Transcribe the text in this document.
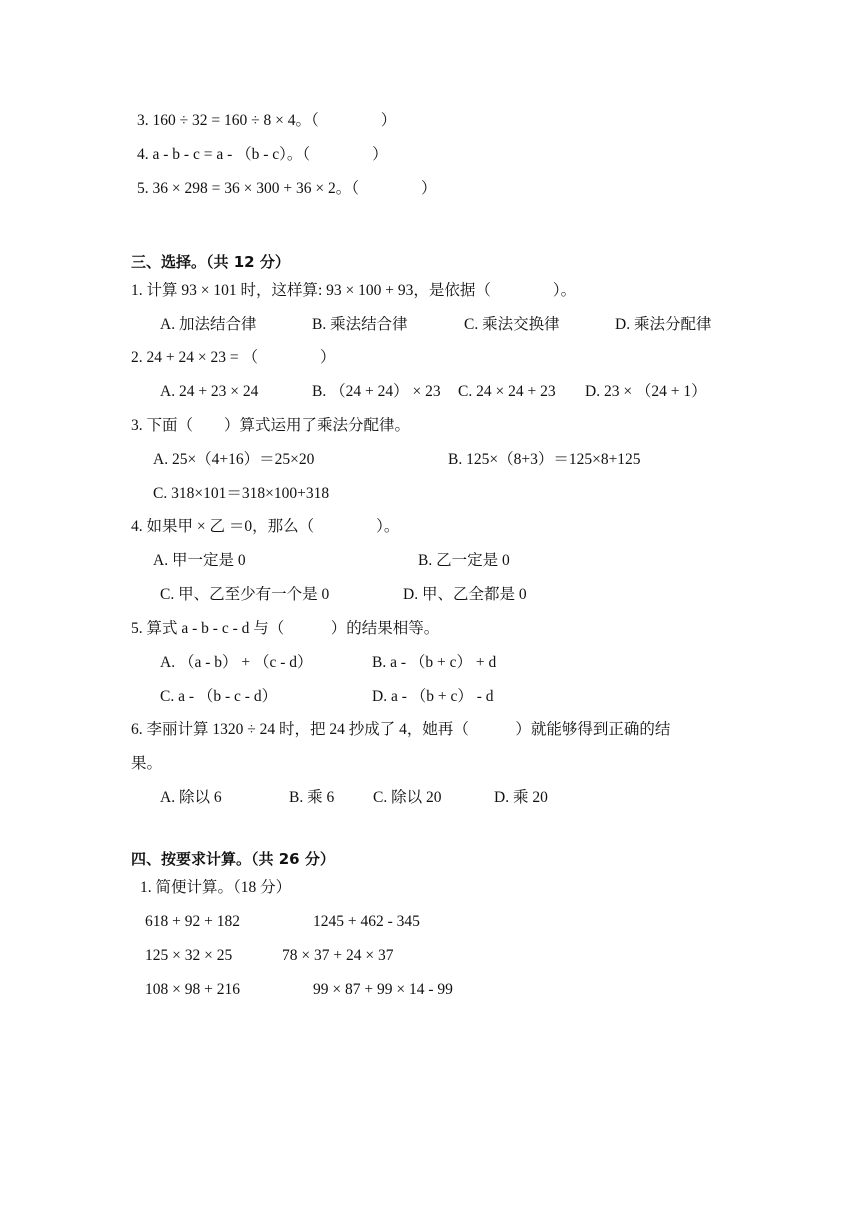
3. 160 ÷ 32 = 160 ÷ 8 × 4。（　　　　）
4. a - b - c = a - （b - c）。（　　　　）
5. 36 × 298 = 36 × 300 + 36 × 2。（　　　　）
三、选择。（共 12 分）
1. 计算 93 × 101 时，这样算: 93 × 100 + 93，是依据（　　　　）。
A. 加法结合律	B. 乘法结合律	C. 乘法交换律	D. 乘法分配律
2. 24 + 24 × 23 = （　　　　）
A. 24 + 23 × 24	B. （24 + 24） × 23 C. 24 × 24 + 23 D. 23 × （24 + 1）
3. 下面（　　）算式运用了乘法分配律。
A. 25×（4+16）＝25×20	B. 125×（8+3）＝125×8+125
C. 318×101＝318×100+318
4. 如果甲 × 乙 ＝0，那么（　　　　）。
A. 甲一定是 0	B. 乙一定是 0
C. 甲、乙至少有一个是 0	D. 甲、乙全都是 0
5. 算式 a - b - c - d 与（　　　）的结果相等。
A. （a - b） + （c - d）	B. a - （b + c） + d
C. a - （b - c - d）	D. a - （b + c） - d
6. 李丽计算 1320 ÷ 24 时，把 24 抄成了 4，她再（　　　）就能够得到正确的结
果。
A. 除以 6	B. 乘 6	C. 除以 20	D. 乘 20
四、按要求计算。（共 26 分）
1. 简便计算。（18 分）
618 + 92 + 182	1245 + 462 - 345
125 × 32 × 25	78 × 37 + 24 × 37
108 × 98 + 216	99 × 87 + 99 × 14 - 99
